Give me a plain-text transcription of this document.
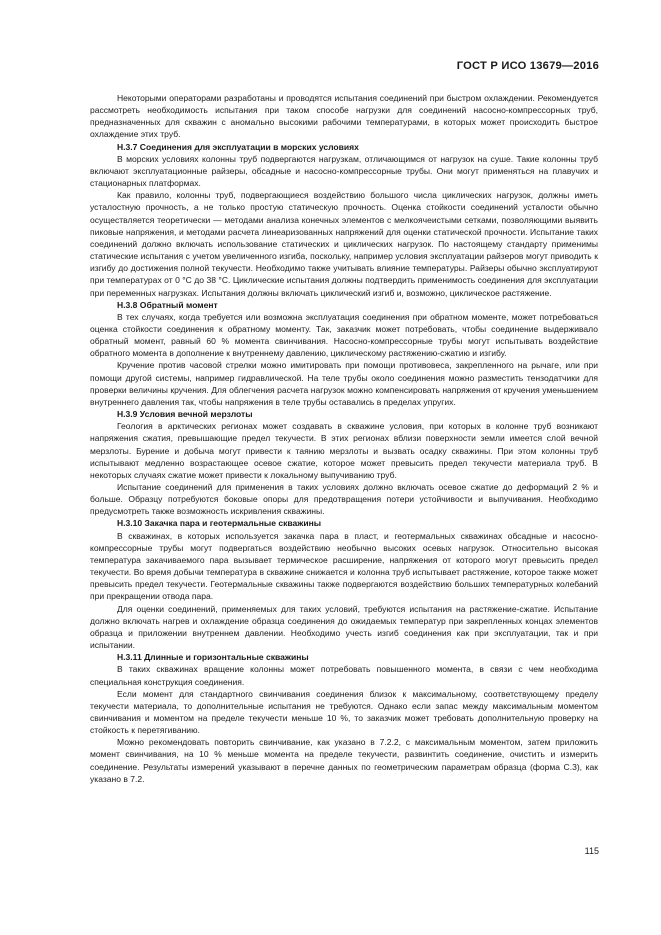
ГОСТ Р ИСО 13679—2016

Некоторыми операторами разработаны и проводятся испытания соединений при быстром охлаждении. Рекомендуется рассмотреть необходимость испытания при таком способе нагрузки для соединений насосно-компрессорных труб, предназначенных для скважин с аномально высокими рабочими температурами, в которых может происходить быстрое охлаждение этих труб.

Н.3.7 Соединения для эксплуатации в морских условиях

В морских условиях колонны труб подвергаются нагрузкам, отличающимся от нагрузок на суше. Такие колонны труб включают эксплуатационные райзеры, обсадные и насосно-компрессорные трубы. Они могут применяться на плавучих и стационарных платформах.

Как правило, колонны труб, подвергающиеся воздействию большого числа циклических нагрузок, должны иметь усталостную прочность, а не только простую статическую прочность. Оценка стойкости соединений усталости обычно осуществляется теоретически — методами анализа конечных элементов с мелкоячеистыми сетками, позволяющими выявить пиковые напряжения, и методами расчета линеаризованных напряжений для оценки статической прочности. Испытание таких соединений должно включать использование статических и циклических нагрузок. По настоящему стандарту применимы статические испытания с учетом увеличенного изгиба, поскольку, например условия эксплуатации райзеров могут приводить к изгибу до достижения полной текучести. Необходимо также учитывать влияние температуры. Райзеры обычно эксплуатируют при температурах от 0 °С до 38 °С. Циклические испытания должны подтвердить применимость соединения для эксплуатации при переменных нагрузках. Испытания должны включать циклический изгиб и, возможно, циклическое растяжение.

Н.3.8 Обратный момент

В тех случаях, когда требуется или возможна эксплуатация соединения при обратном моменте, может потребоваться оценка стойкости соединения к обратному моменту. Так, заказчик может потребовать, чтобы соединение выдерживало обратный момент, равный 60 % момента свинчивания. Насосно-компрессорные трубы могут испытывать воздействие обратного момента в дополнение к внутреннему давлению, циклическому растяжению-сжатию и изгибу.

Кручение против часовой стрелки можно имитировать при помощи противовеса, закрепленного на рычаге, или при помощи другой системы, например гидравлической. На теле трубы около соединения можно разместить тензодатчики для проверки величины кручения. Для облегчения расчета нагрузок можно компенсировать напряжения от кручения уменьшением внутреннего давления так, чтобы напряжения в теле трубы оставались в пределах упругих.

Н.3.9 Условия вечной мерзлоты

Геология в арктических регионах может создавать в скважине условия, при которых в колонне труб возникают напряжения сжатия, превышающие предел текучести. В этих регионах вблизи поверхности земли имеется слой вечной мерзлоты. Бурение и добыча могут привести к таянию мерзлоты и вызвать осадку скважины. При этом колонны труб испытывают медленно возрастающее осевое сжатие, которое может превысить предел текучести материала труб. В некоторых случаях сжатие может привести к локальному выпучиванию труб.

Испытание соединений для применения в таких условиях должно включать осевое сжатие до деформаций 2 % и больше. Образцу потребуются боковые опоры для предотвращения потери устойчивости и выпучивания. Необходимо предусмотреть также возможность искривления скважины.

Н.3.10 Закачка пара и геотермальные скважины

В скважинах, в которых используется закачка пара в пласт, и геотермальных скважинах обсадные и насосно-компрессорные трубы могут подвергаться воздействию необычно высоких осевых нагрузок. Относительно высокая температура закачиваемого пара вызывает термическое расширение, напряжения от которого могут превысить предел текучести. Во время добычи температура в скважине снижается и колонна труб испытывает растяжение, которое также может превысить предел текучести. Геотермальные скважины также подвергаются воздействию больших температурных колебаний при прекращении отвода пара.

Для оценки соединений, применяемых для таких условий, требуются испытания на растяжение-сжатие. Испытание должно включать нагрев и охлаждение образца соединения до ожидаемых температур при закрепленных концах элементов образца и приложении внутреннем давлении. Необходимо учесть изгиб соединения как при эксплуатации, так и при испытании.

Н.3.11 Длинные и горизонтальные скважины

В таких скважинах вращение колонны может потребовать повышенного момента, в связи с чем необходима специальная конструкция соединения.

Если момент для стандартного свинчивания соединения близок к максимальному, соответствующему пределу текучести материала, то дополнительные испытания не требуются. Однако если запас между максимальным моментом свинчивания и моментом на пределе текучести меньше 10 %, то заказчик может требовать дополнительную проверку на стойкость к перетягиванию.

Можно рекомендовать повторить свинчивание, как указано в 7.2.2, с максимальным моментом, затем приложить момент свинчивания, на 10 % меньше момента на пределе текучести, развинтить соединение, очистить и измерить соединение. Результаты измерений указывают в перечне данных по геометрическим параметрам образца (форма С.3), как указано в 7.2.

115
